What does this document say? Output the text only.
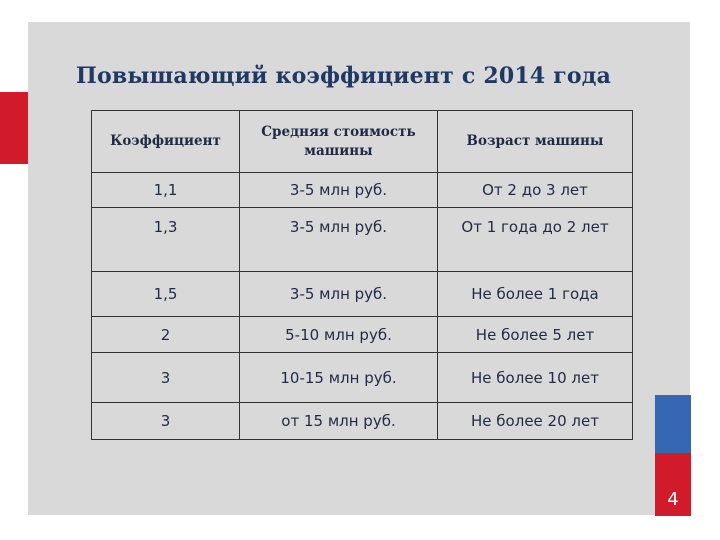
4
Повышающий коэффициент с 2014 года
Коэффициент	Средняя стоимость машины	Возраст машины
1,1	3-5 млн руб.	От 2 до 3 лет
1,3	3-5 млн руб.	От 1 года до 2 лет
1,5	3-5 млн руб.	Не более 1 года
2	5-10 млн руб.	Не более 5 лет
3	10-15 млн руб.	Не более 10 лет
3	от 15 млн руб.	Не более 20 лет
